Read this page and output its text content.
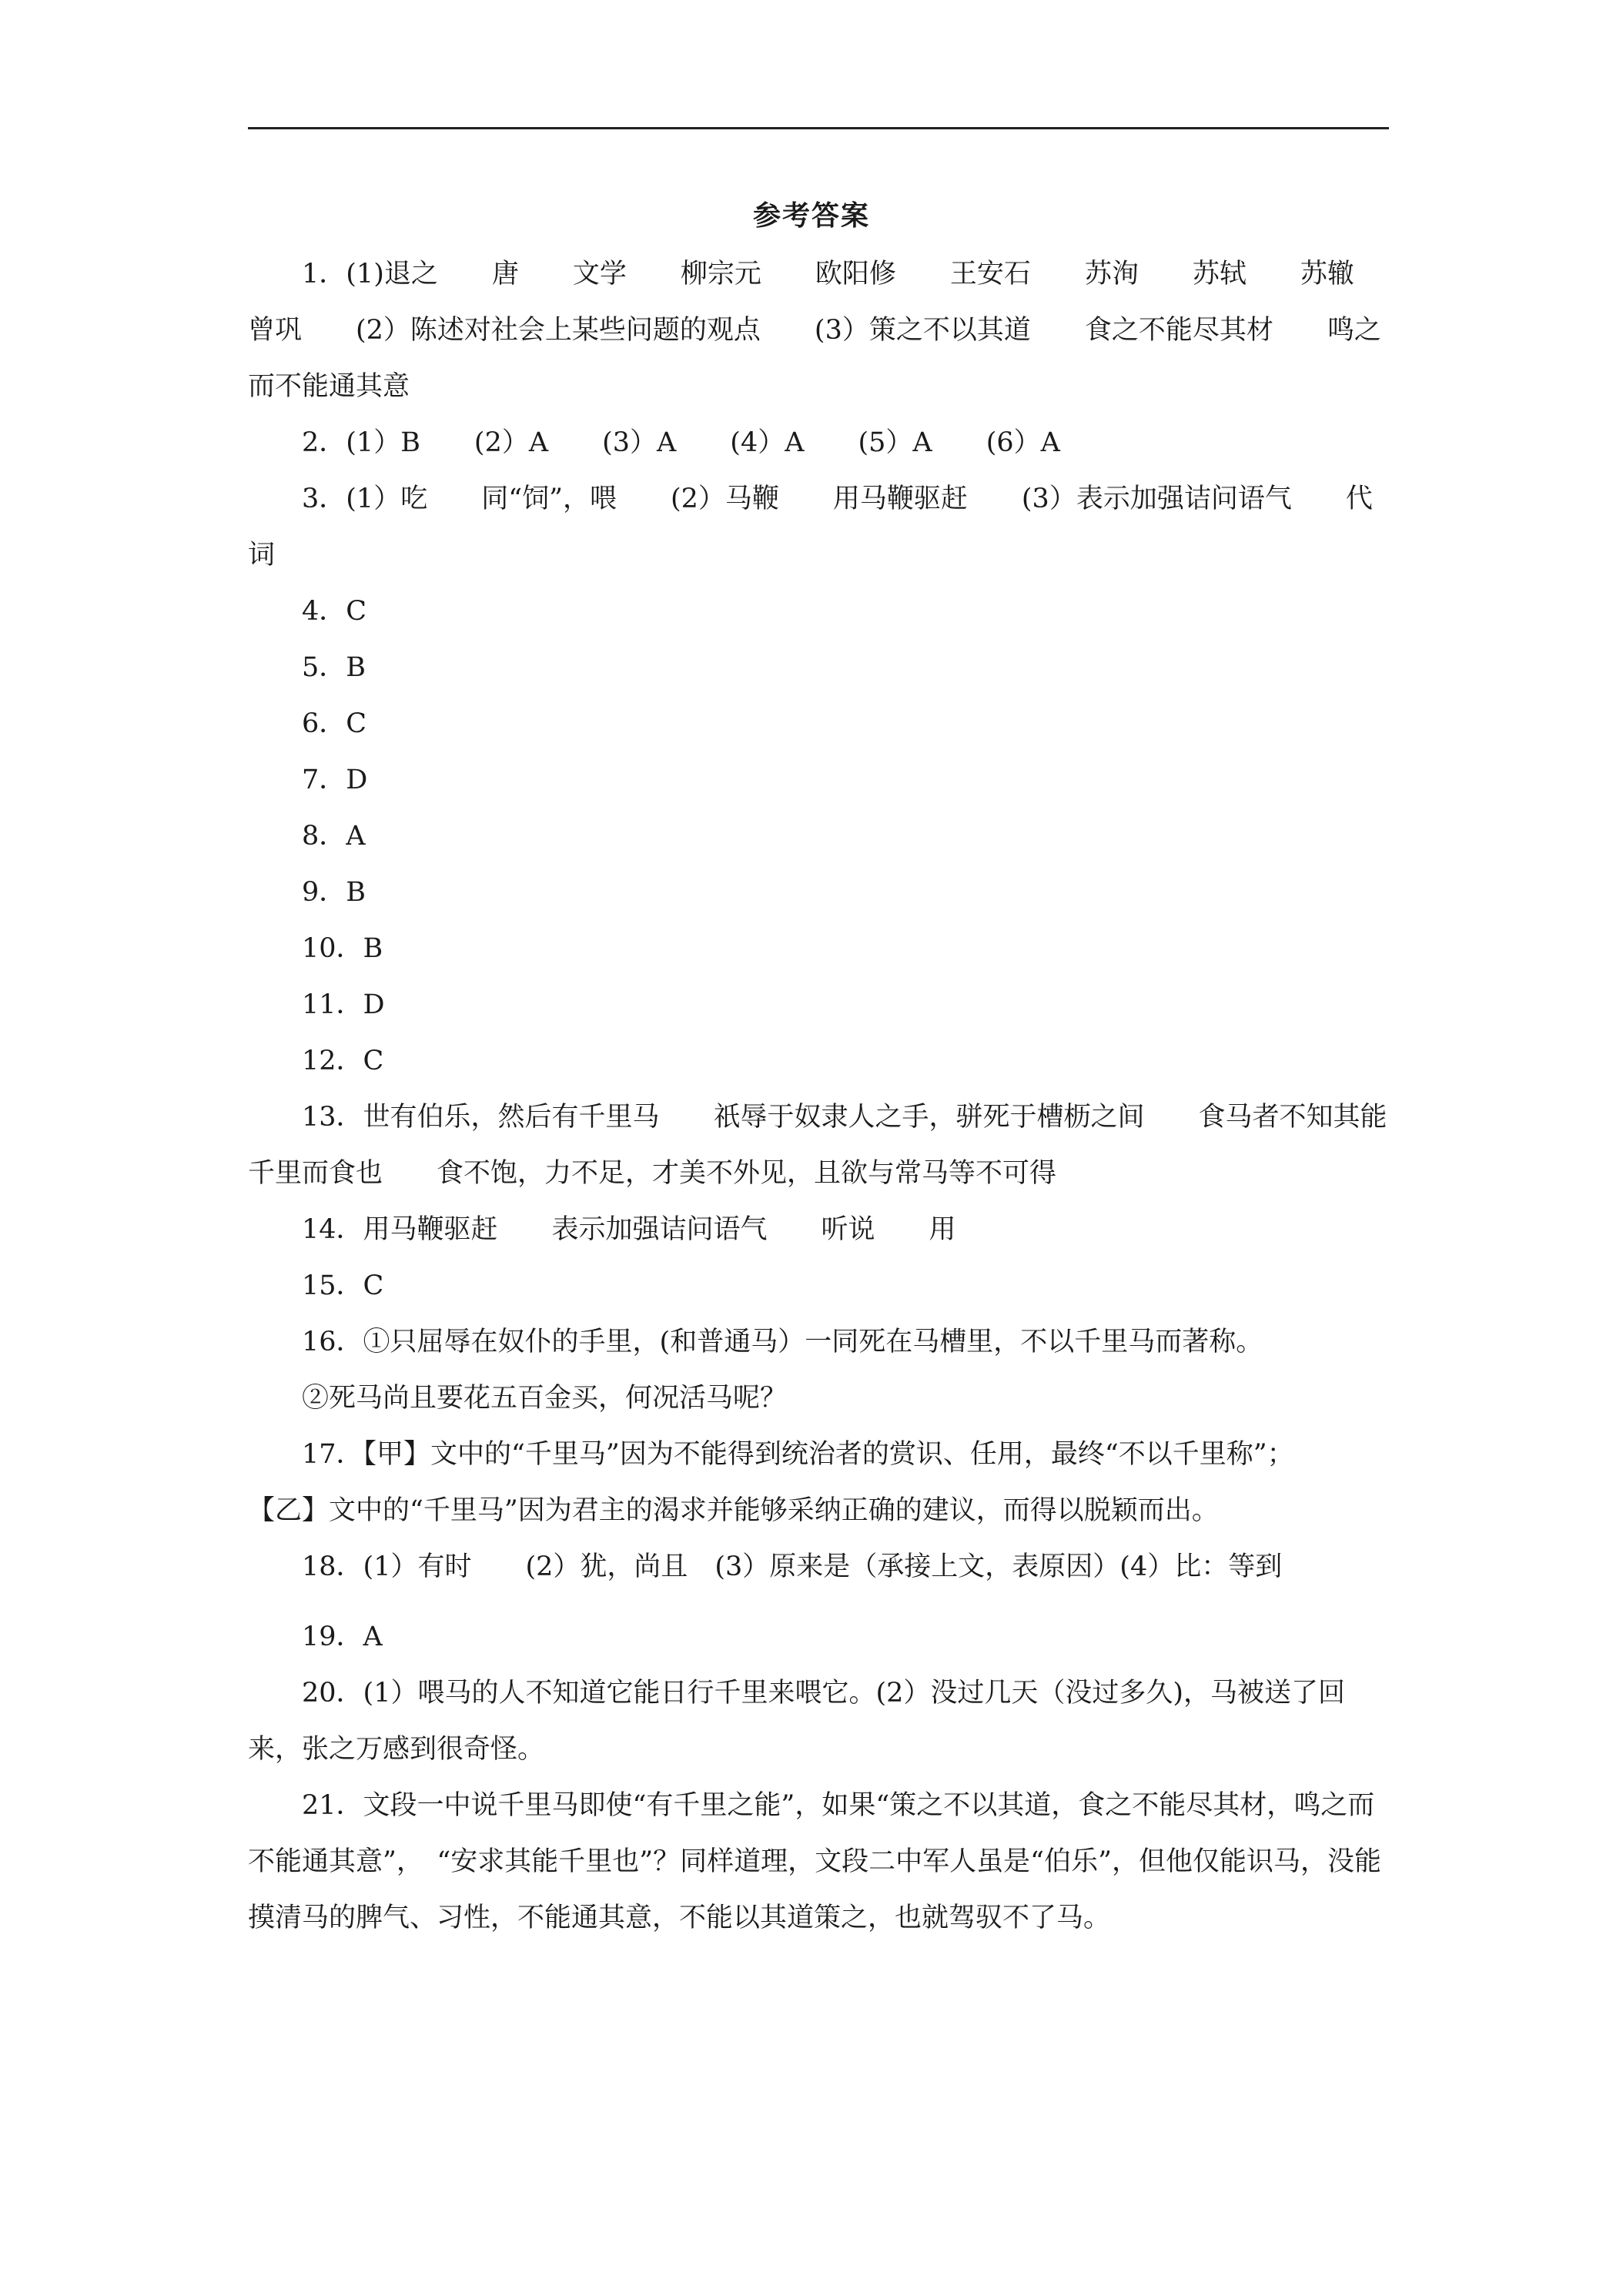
参考答案

1．(1)退之　　唐　　文学　　柳宗元　　欧阳修　　王安石　　苏洵　　苏轼　　苏辙　　曾巩　　(2）陈述对社会上某些问题的观点　　(3）策之不以其道　　食之不能尽其材　　鸣之而不能通其意

2．(1）B　　(2）A　　(3）A　　(4）A　　(5）A　　(6）A

3．(1）吃　　同“饲”，喂　　(2）马鞭　　用马鞭驱赶　　(3）表示加强诘问语气　　代词

4．C

5．B

6．C

7．D

8．A

9．B

10．B

11．D

12．C

13．世有伯乐，然后有千里马　　祇辱于奴隶人之手，骈死于槽枥之间　　食马者不知其能千里而食也　　食不饱，力不足，才美不外见，且欲与常马等不可得

14．用马鞭驱赶　　表示加强诘问语气　　听说　　用

15．C

16．①只屈辱在奴仆的手里，(和普通马）一同死在马槽里，不以千里马而著称。

②死马尚且要花五百金买，何况活马呢？

17．【甲】文中的“千里马”因为不能得到统治者的赏识、任用，最终“不以千里称”；

【乙】文中的“千里马”因为君主的渴求并能够采纳正确的建议，而得以脱颖而出。

18．(1）有时　　(2）犹，尚且　(3）原来是（承接上文，表原因）(4）比：等到

19．A

20．(1）喂马的人不知道它能日行千里来喂它。(2）没过几天（没过多久)，马被送了回来，张之万感到很奇怪。

21．文段一中说千里马即使“有千里之能”，如果“策之不以其道，食之不能尽其材，鸣之而不能通其意”，　“安求其能千里也”？同样道理，文段二中军人虽是“伯乐”，但他仅能识马，没能摸清马的脾气、习性，不能通其意，不能以其道策之，也就驾驭不了马。
